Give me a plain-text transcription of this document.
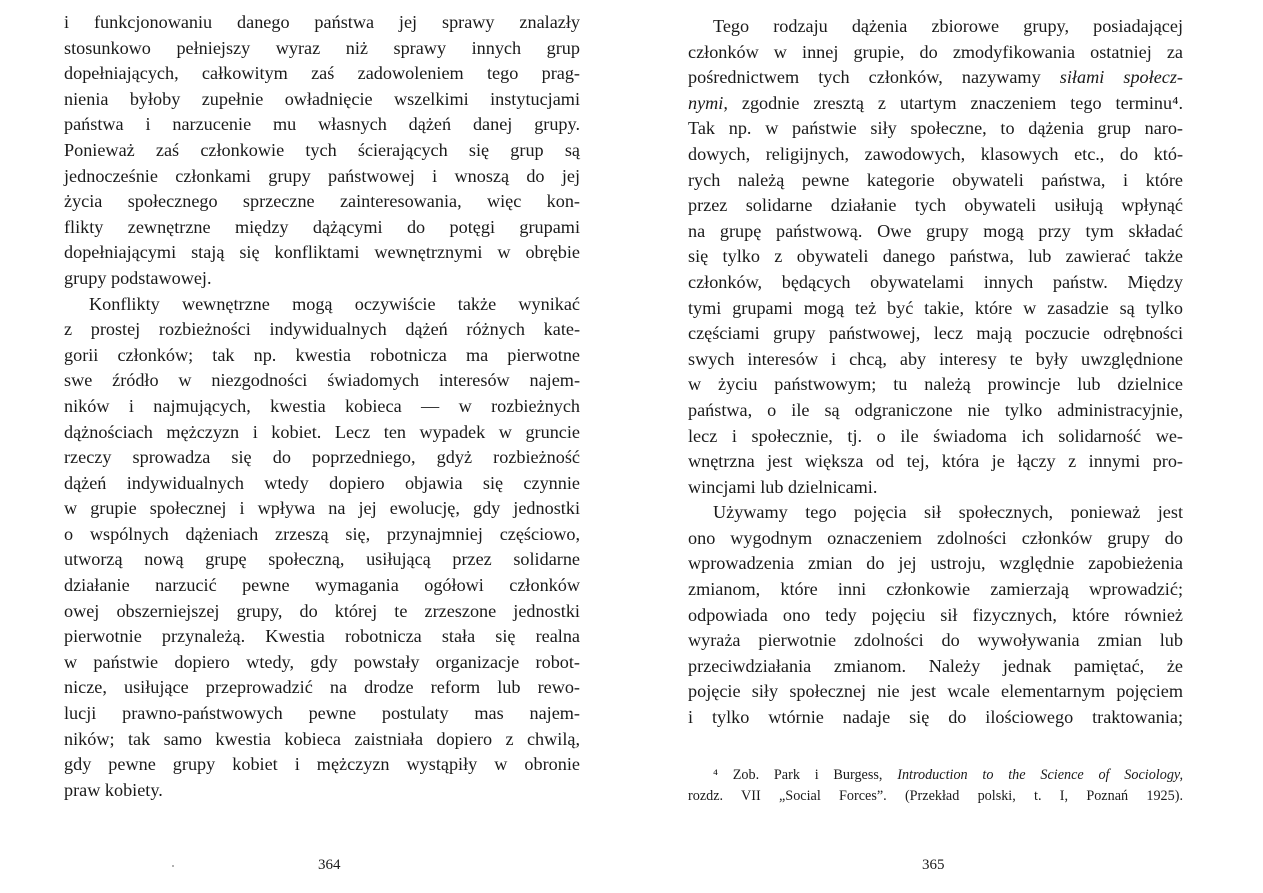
i funkcjonowaniu danego państwa jej sprawy znalazły
stosunkowo pełniejszy wyraz niż sprawy innych grup
dopełniających, całkowitym zaś zadowoleniem tego prag-
nienia byłoby zupełnie owładnięcie wszelkimi instytucjami
państwa i narzucenie mu własnych dążeń danej grupy.
Ponieważ zaś członkowie tych ścierających się grup są
jednocześnie członkami grupy państwowej i wnoszą do jej
życia społecznego sprzeczne zainteresowania, więc kon-
flikty zewnętrzne między dążącymi do potęgi grupami
dopełniającymi stają się konfliktami wewnętrznymi w obrębie
grupy podstawowej.
Konflikty wewnętrzne mogą oczywiście także wynikać
z prostej rozbieżności indywidualnych dążeń różnych kate-
gorii członków; tak np. kwestia robotnicza ma pierwotne
swe źródło w niezgodności świadomych interesów najem-
ników i najmujących, kwestia kobieca — w rozbieżnych
dążnościach mężczyzn i kobiet. Lecz ten wypadek w gruncie
rzeczy sprowadza się do poprzedniego, gdyż rozbieżność
dążeń indywidualnych wtedy dopiero objawia się czynnie
w grupie społecznej i wpływa na jej ewolucję, gdy jednostki
o wspólnych dążeniach zrzeszą się, przynajmniej częściowo,
utworzą nową grupę społeczną, usiłującą przez solidarne
działanie narzucić pewne wymagania ogółowi członków
owej obszerniejszej grupy, do której te zrzeszone jednostki
pierwotnie przynależą. Kwestia robotnicza stała się realna
w państwie dopiero wtedy, gdy powstały organizacje robot-
nicze, usiłujące przeprowadzić na drodze reform lub rewo-
lucji prawno-państwowych pewne postulaty mas najem-
ników; tak samo kwestia kobieca zaistniała dopiero z chwilą,
gdy pewne grupy kobiet i mężczyzn wystąpiły w obronie
praw kobiety.
364
Tego rodzaju dążenia zbiorowe grupy, posiadającej
członków w innej grupie, do zmodyfikowania ostatniej za
pośrednictwem tych członków, nazywamy siłami społecz-
nymi, zgodnie zresztą z utartym znaczeniem tego terminu⁴.
Tak np. w państwie siły społeczne, to dążenia grup naro-
dowych, religijnych, zawodowych, klasowych etc., do któ-
rych należą pewne kategorie obywateli państwa, i które
przez solidarne działanie tych obywateli usiłują wpłynąć
na grupę państwową. Owe grupy mogą przy tym składać
się tylko z obywateli danego państwa, lub zawierać także
członków, będących obywatelami innych państw. Między
tymi grupami mogą też być takie, które w zasadzie są tylko
częściami grupy państwowej, lecz mają poczucie odrębności
swych interesów i chcą, aby interesy te były uwzględnione
w życiu państwowym; tu należą prowincje lub dzielnice
państwa, o ile są odgraniczone nie tylko administracyjnie,
lecz i społecznie, tj. o ile świadoma ich solidarność we-
wnętrzna jest większa od tej, która je łączy z innymi pro-
wincjami lub dzielnicami.
Używamy tego pojęcia sił społecznych, ponieważ jest
ono wygodnym oznaczeniem zdolności członków grupy do
wprowadzenia zmian do jej ustroju, względnie zapobieżenia
zmianom, które inni członkowie zamierzają wprowadzić;
odpowiada ono tedy pojęciu sił fizycznych, które również
wyraża pierwotnie zdolności do wywoływania zmian lub
przeciwdziałania zmianom. Należy jednak pamiętać, że
pojęcie siły społecznej nie jest wcale elementarnym pojęciem
i tylko wtórnie nadaje się do ilościowego traktowania;
⁴ Zob. Park i Burgess, Introduction to the Science of Sociology,
rozdz. VII „Social Forces”. (Przekład polski, t. I, Poznań 1925).
365
